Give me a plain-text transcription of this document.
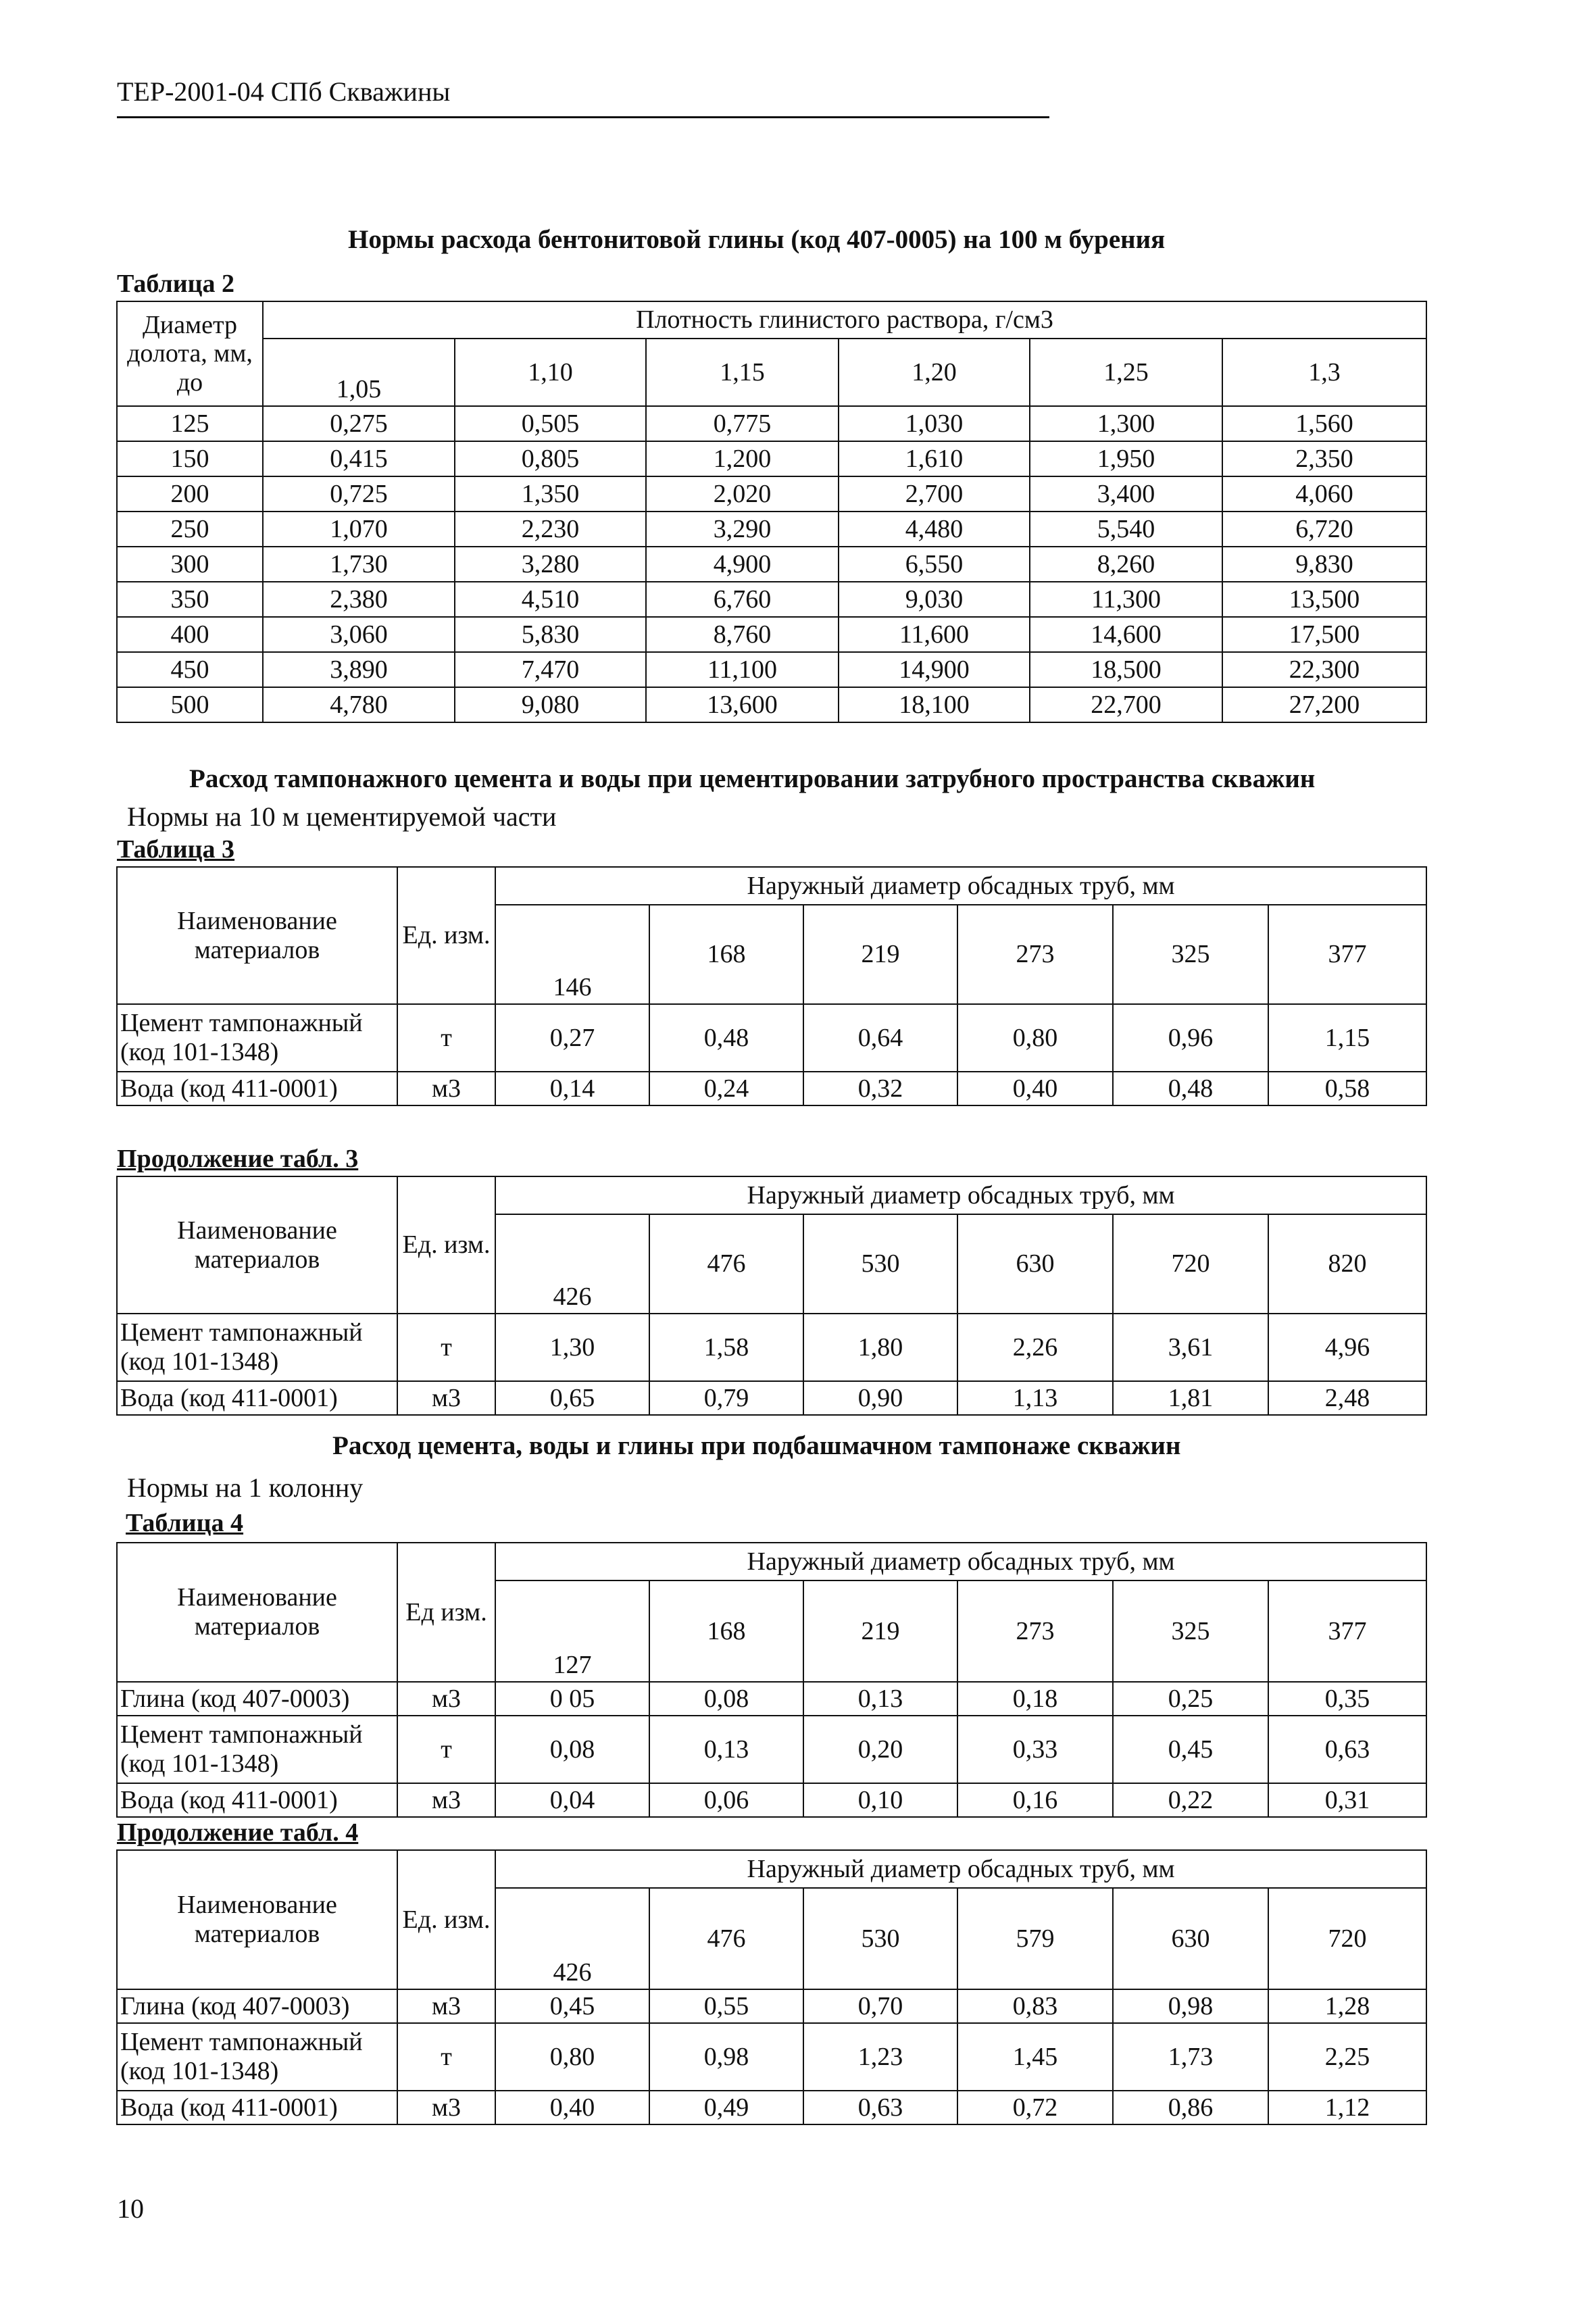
ТЕР-2001-04 СПб Скважины
Нормы расхода бентонитовой глины (код 407-0005) на 100 м бурения
Таблица 2
Диаметр долота, мм, до	Плотность глинистого раствора, г/см3					
	1,05	1,10	1,15	1,20	1,25	1,3
125	0,275	0,505	0,775	1,030	1,300	1,560
150	0,415	0,805	1,200	1,610	1,950	2,350
200	0,725	1,350	2,020	2,700	3,400	4,060
250	1,070	2,230	3,290	4,480	5,540	6,720
300	1,730	3,280	4,900	6,550	8,260	9,830
350	2,380	4,510	6,760	9,030	11,300	13,500
400	3,060	5,830	8,760	11,600	14,600	17,500
450	3,890	7,470	11,100	14,900	18,500	22,300
500	4,780	9,080	13,600	18,100	22,700	27,200
Расход тампонажного цемента и воды при цементировании затрубного пространства скважин
Нормы на 10 м цементируемой части
Таблица 3
Наименование материалов	Ед. изм.	Наружный диаметр обсадных труб, мм					
		146	168	219	273	325	377
Цемент тампонажный (код 101-1348)	т	0,27	0,48	0,64	0,80	0,96	1,15
Вода (код 411-0001)	м3	0,14	0,24	0,32	0,40	0,48	0,58
Продолжение табл. 3
Наименование материалов	Ед. изм.	Наружный диаметр обсадных труб, мм					
		426	476	530	630	720	820
Цемент тампонажный (код 101-1348)	т	1,30	1,58	1,80	2,26	3,61	4,96
Вода (код 411-0001)	м3	0,65	0,79	0,90	1,13	1,81	2,48
Расход цемента, воды и глины при подбашмачном тампонаже скважин
Нормы на 1 колонну
Таблица 4
Наименование материалов	Ед изм.	Наружный диаметр обсадных труб, мм					
		127	168	219	273	325	377
Глина (код 407-0003)	м3	0 05	0,08	0,13	0,18	0,25	0,35
Цемент тампонажный (код 101-1348)	т	0,08	0,13	0,20	0,33	0,45	0,63
Вода (код 411-0001)	м3	0,04	0,06	0,10	0,16	0,22	0,31
Продолжение табл. 4
Наименование материалов	Ед. изм.	Наружный диаметр обсадных труб, мм					
		426	476	530	579	630	720
Глина (код 407-0003)	м3	0,45	0,55	0,70	0,83	0,98	1,28
Цемент тампонажный (код 101-1348)	т	0,80	0,98	1,23	1,45	1,73	2,25
Вода (код 411-0001)	м3	0,40	0,49	0,63	0,72	0,86	1,12
10
